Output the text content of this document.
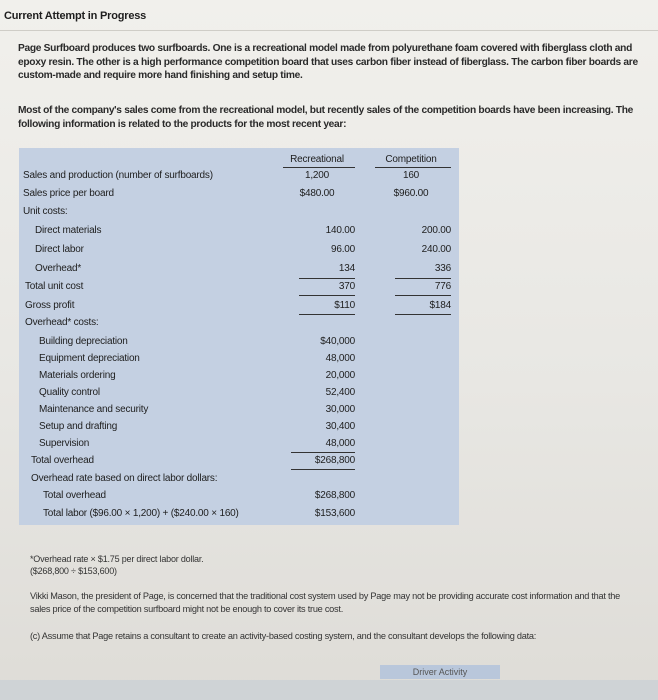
Current Attempt in Progress
Page Surfboard produces two surfboards. One is a recreational model made from polyurethane foam covered with fiberglass cloth and epoxy resin. The other is a high performance competition board that uses carbon fiber instead of fiberglass. The carbon fiber boards are custom-made and require more hand finishing and setup time.
Most of the company's sales come from the recreational model, but recently sales of the competition boards have been increasing. The following information is related to the products for the most recent year:
Recreational	Competition
Sales and production (number of surfboards)	1,200	160
Sales price per board	$480.00	$960.00
Unit costs:
Direct materials	140.00	200.00
Direct labor	96.00	240.00
Overhead*	134	336
Total unit cost	370	776
Gross profit	$110	$184
Overhead* costs:
Building depreciation	$40,000
Equipment depreciation	48,000
Materials ordering	20,000
Quality control	52,400
Maintenance and security	30,000
Setup and drafting	30,400
Supervision	48,000
Total overhead	$268,800
Overhead rate based on direct labor dollars:
Total overhead	$268,800
Total labor ($96.00 × 1,200) + ($240.00 × 160)	$153,600
*Overhead rate × $1.75 per direct labor dollar.
($268,800 ÷ $153,600)
Vikki Mason, the president of Page, is concerned that the traditional cost system used by Page may not be providing accurate cost information and that the sales price of the competition surfboard might not be enough to cover its true cost.
(c) Assume that Page retains a consultant to create an activity-based costing system, and the consultant develops the following data:
Driver Activity
